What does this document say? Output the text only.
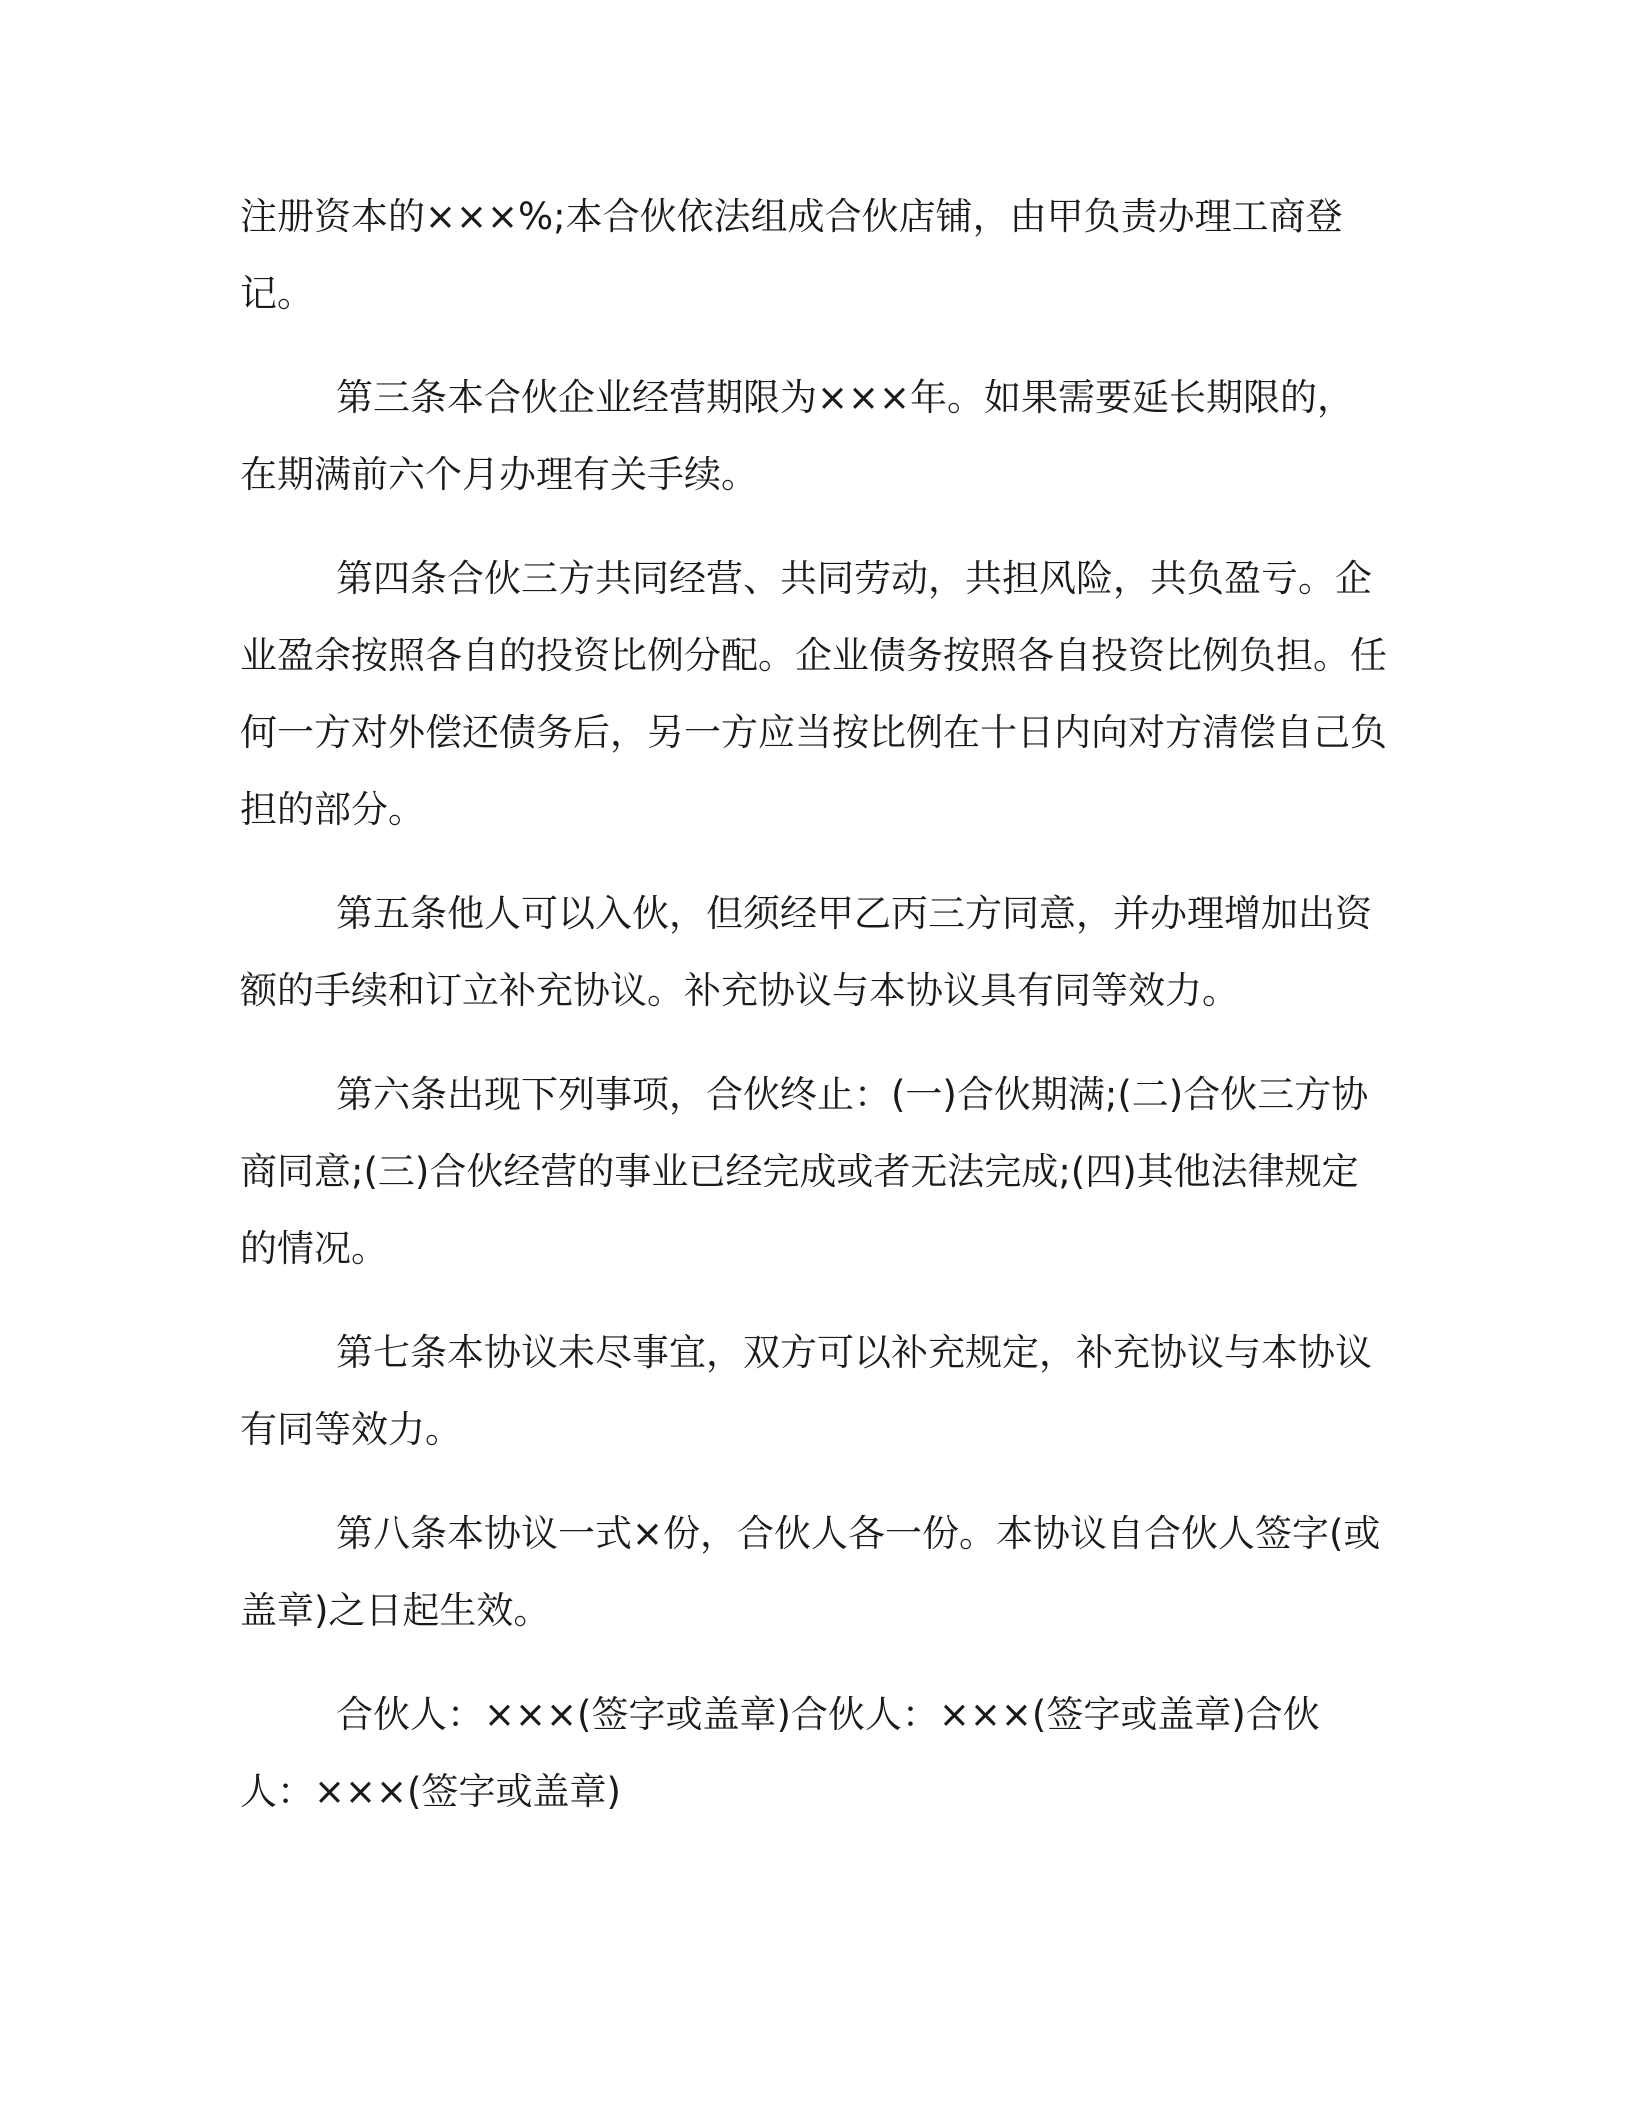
注册资本的×××%;本合伙依法组成合伙店铺，由甲负责办理工商登记。

第三条本合伙企业经营期限为×××年。如果需要延长期限的，在期满前六个月办理有关手续。

第四条合伙三方共同经营、共同劳动，共担风险，共负盈亏。企业盈余按照各自的投资比例分配。企业债务按照各自投资比例负担。任何一方对外偿还债务后，另一方应当按比例在十日内向对方清偿自己负担的部分。

第五条他人可以入伙，但须经甲乙丙三方同意，并办理增加出资额的手续和订立补充协议。补充协议与本协议具有同等效力。

第六条出现下列事项，合伙终止：(一)合伙期满;(二)合伙三方协商同意;(三)合伙经营的事业已经完成或者无法完成;(四)其他法律规定的情况。

第七条本协议未尽事宜，双方可以补充规定，补充协议与本协议有同等效力。

第八条本协议一式×份，合伙人各一份。本协议自合伙人签字(或盖章)之日起生效。

合伙人：×××(签字或盖章)合伙人：×××(签字或盖章)合伙人：×××(签字或盖章)
